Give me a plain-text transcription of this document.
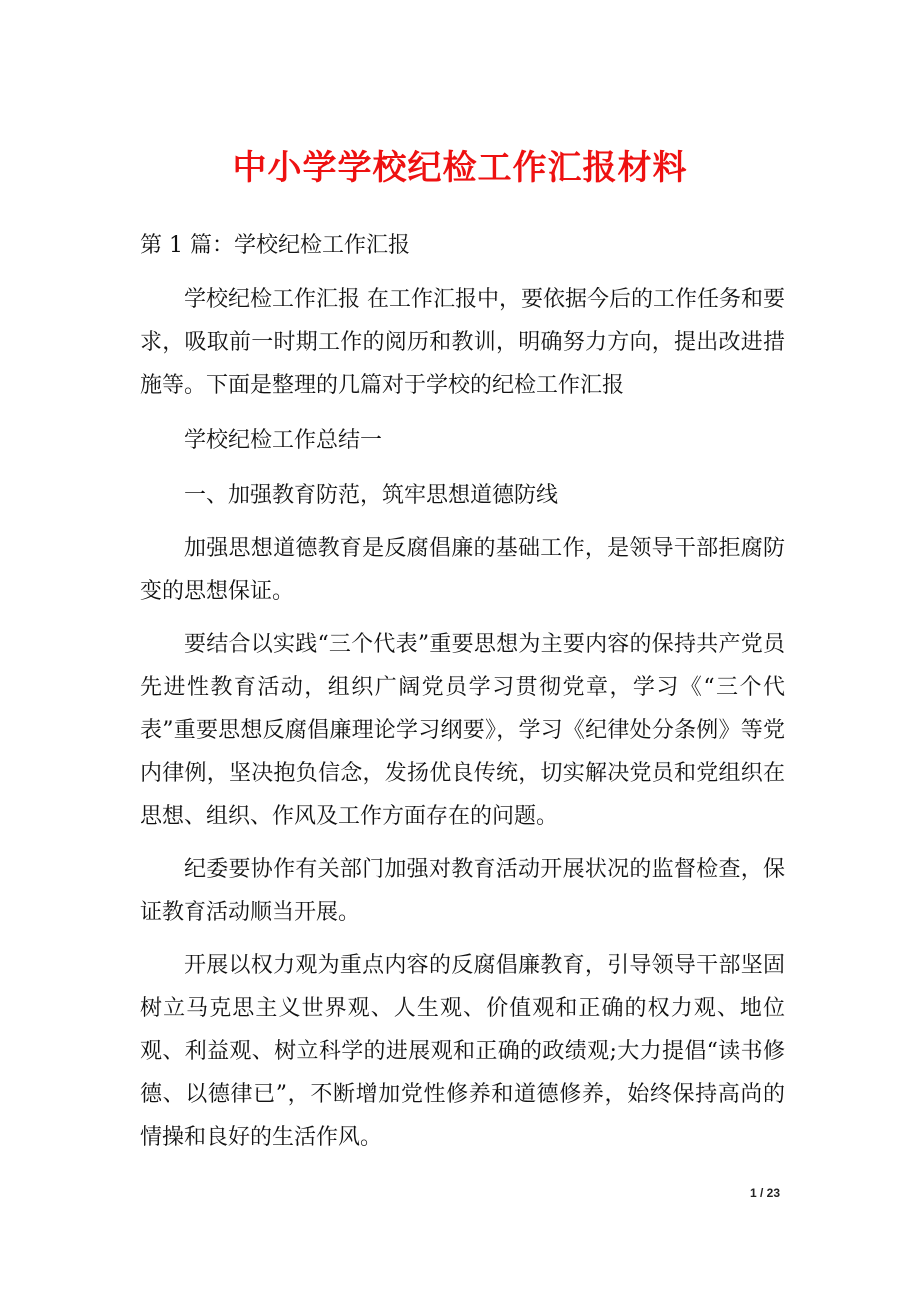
中小学学校纪检工作汇报材料

第 1 篇：学校纪检工作汇报

学校纪检工作汇报 在工作汇报中，要依据今后的工作任务和要求，吸取前一时期工作的阅历和教训，明确努力方向，提出改进措施等。下面是整理的几篇对于学校的纪检工作汇报

学校纪检工作总结一

一、加强教育防范，筑牢思想道德防线

加强思想道德教育是反腐倡廉的基础工作，是领导干部拒腐防变的思想保证。

要结合以实践“三个代表”重要思想为主要内容的保持共产党员先进性教育活动，组织广阔党员学习贯彻党章，学习《“三个代表”重要思想反腐倡廉理论学习纲要》，学习《纪律处分条例》等党内律例，坚决抱负信念，发扬优良传统，切实解决党员和党组织在思想、组织、作风及工作方面存在的问题。

纪委要协作有关部门加强对教育活动开展状况的监督检查，保证教育活动顺当开展。

开展以权力观为重点内容的反腐倡廉教育，引导领导干部坚固树立马克思主义世界观、人生观、价值观和正确的权力观、地位观、利益观、树立科学的进展观和正确的政绩观;大力提倡“读书修德、以德律已”，不断增加党性修养和道德修养，始终保持高尚的情操和良好的生活作风。

1 / 23
